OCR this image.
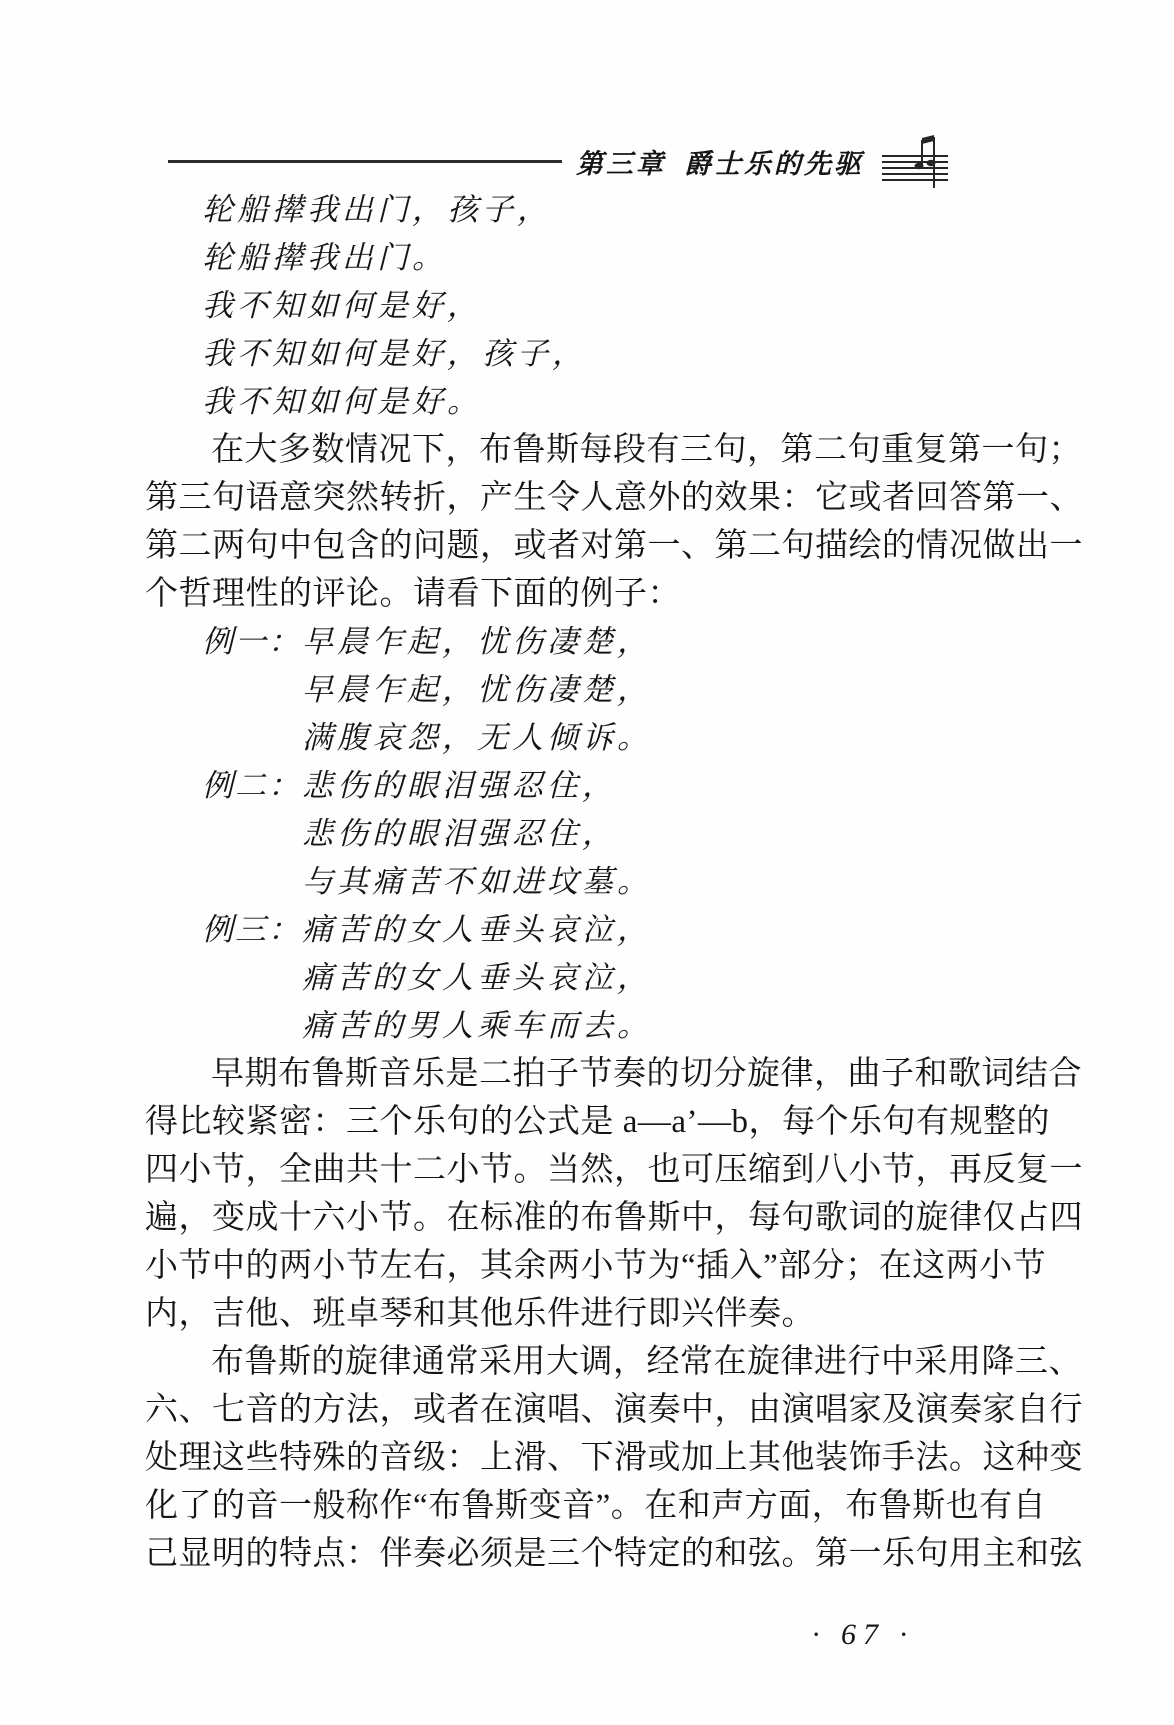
第三章 爵士乐的先驱
轮船撵我出门，孩子，
轮船撵我出门。
我不知如何是好，
我不知如何是好，孩子，
我不知如何是好。
在大多数情况下，布鲁斯每段有三句，第二句重复第一句；
第三句语意突然转折，产生令人意外的效果：它或者回答第一、
第二两句中包含的问题，或者对第一、第二句描绘的情况做出一
个哲理性的评论。请看下面的例子：
例一： 早晨乍起，忧伤凄楚，
早晨乍起，忧伤凄楚，
满腹哀怨，无人倾诉。
例二： 悲伤的眼泪强忍住，
悲伤的眼泪强忍住，
与其痛苦不如进坟墓。
例三： 痛苦的女人垂头哀泣，
痛苦的女人垂头哀泣，
痛苦的男人乘车而去。
早期布鲁斯音乐是二拍子节奏的切分旋律，曲子和歌词结合
得比较紧密：三个乐句的公式是 a—a’—b，每个乐句有规整的
四小节，全曲共十二小节。当然，也可压缩到八小节，再反复一
遍，变成十六小节。在标准的布鲁斯中，每句歌词的旋律仅占四
小节中的两小节左右，其余两小节为“插入”部分；在这两小节
内，吉他、班卓琴和其他乐件进行即兴伴奏。
布鲁斯的旋律通常采用大调，经常在旋律进行中采用降三、
六、七音的方法，或者在演唱、演奏中，由演唱家及演奏家自行
处理这些特殊的音级：上滑、下滑或加上其他装饰手法。这种变
化了的音一般称作“布鲁斯变音”。在和声方面，布鲁斯也有自
己显明的特点：伴奏必须是三个特定的和弦。第一乐句用主和弦
· 67 ·
